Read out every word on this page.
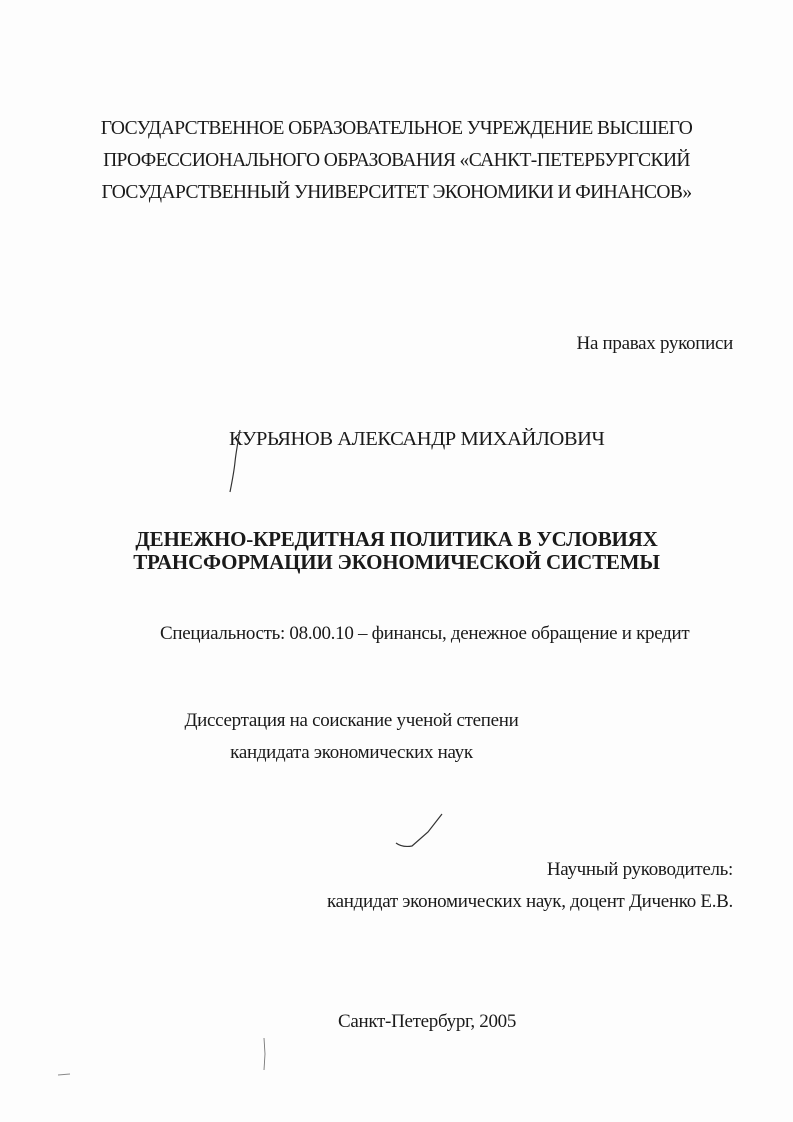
ГОСУДАРСТВЕННОЕ ОБРАЗОВАТЕЛЬНОЕ УЧРЕЖДЕНИЕ ВЫСШЕГО
ПРОФЕССИОНАЛЬНОГО ОБРАЗОВАНИЯ «САНКТ-ПЕТЕРБУРГСКИЙ
ГОСУДАРСТВЕННЫЙ УНИВЕРСИТЕТ ЭКОНОМИКИ И ФИНАНСОВ»
На правах рукописи
КУРЬЯНОВ АЛЕКСАНДР МИХАЙЛОВИЧ
ДЕНЕЖНО-КРЕДИТНАЯ ПОЛИТИКА В УСЛОВИЯХ
ТРАНСФОРМАЦИИ ЭКОНОМИЧЕСКОЙ СИСТЕМЫ
Специальность: 08.00.10 – финансы, денежное обращение и кредит
Диссертация на соискание ученой степени
кандидата экономических наук
Научный руководитель:
кандидат экономических наук, доцент Диченко Е.В.
Санкт-Петербург, 2005
